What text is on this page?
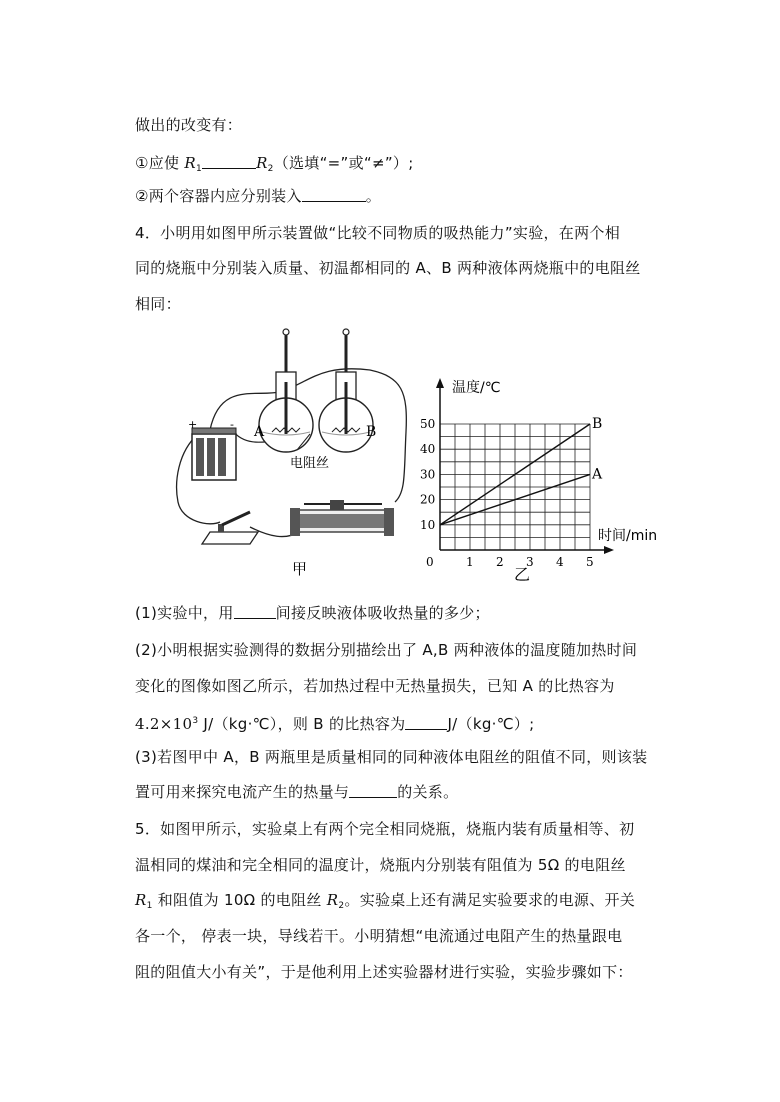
做出的改变有：
①应使 $R_1$	$R_2$（选填“=”或“≠”）;
②两个容器内应分别装入	。
4．小明用如图甲所示装置做“比较不同物质的吸热能力”实验，在两个相
同的烧瓶中分别装入质量、初温都相同的 A、B 两种液体两烧瓶中的电阻丝
相同：
+	- A	B
电阻丝
甲	0	1 2 3 4 5
10
20
30
40
50
A
B
温度/℃
时间/min
乙
(1)实验中，用	间接反映液体吸收热量的多少；
(2)小明根据实验测得的数据分别描绘出了 A,B 两种液体的温度随加热时间
变化的图像如图乙所示，若加热过程中无热量损失，已知 A 的比热容为
$4.2\times 10^3$ J/（kg·℃），则 B 的比热容为	J/（kg·℃）;
(3)若图甲中 A，B 两瓶里是质量相同的同种液体电阻丝的阻值不同，则该装
置可用来探究电流产生的热量与	的关系。
5．如图甲所示，实验桌上有两个完全相同烧瓶，烧瓶内装有质量相等、初
温相同的煤油和完全相同的温度计，烧瓶内分别装有阻值为 5Ω 的电阻丝
$R_1$ 和阻值为 10Ω 的电阻丝 $R_2$。实验桌上还有满足实验要求的电源、开关
各一个， 停表一块，导线若干。小明猜想“电流通过电阻产生的热量跟电
阻的阻值大小有关”，于是他利用上述实验器材进行实验，实验步骤如下：
